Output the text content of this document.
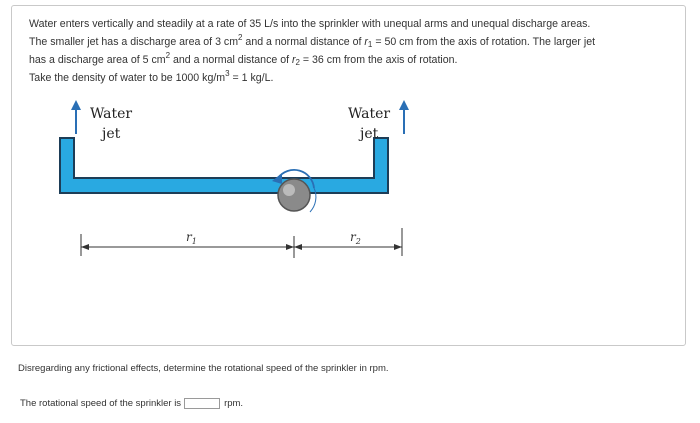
Water enters vertically and steadily at a rate of 35 L/s into the sprinkler with unequal arms and unequal discharge areas.

The smaller jet has a discharge area of 3 $cm^2$ and a normal distance of $r_1 = 50$ cm from the axis of rotation. The larger jet

has a discharge area of 5 $cm^2$ and a normal distance of $r_2 = 36$ cm from the axis of rotation.

Take the density of water to be 1000 $kg/m^3 = 1$ kg/L.

Water
jet
Water
jet
$r_1$	$r_2$
Disregarding any frictional effects, determine the rotational speed of the sprinkler in rpm.
The rotational speed of the sprinkler is	rpm.
